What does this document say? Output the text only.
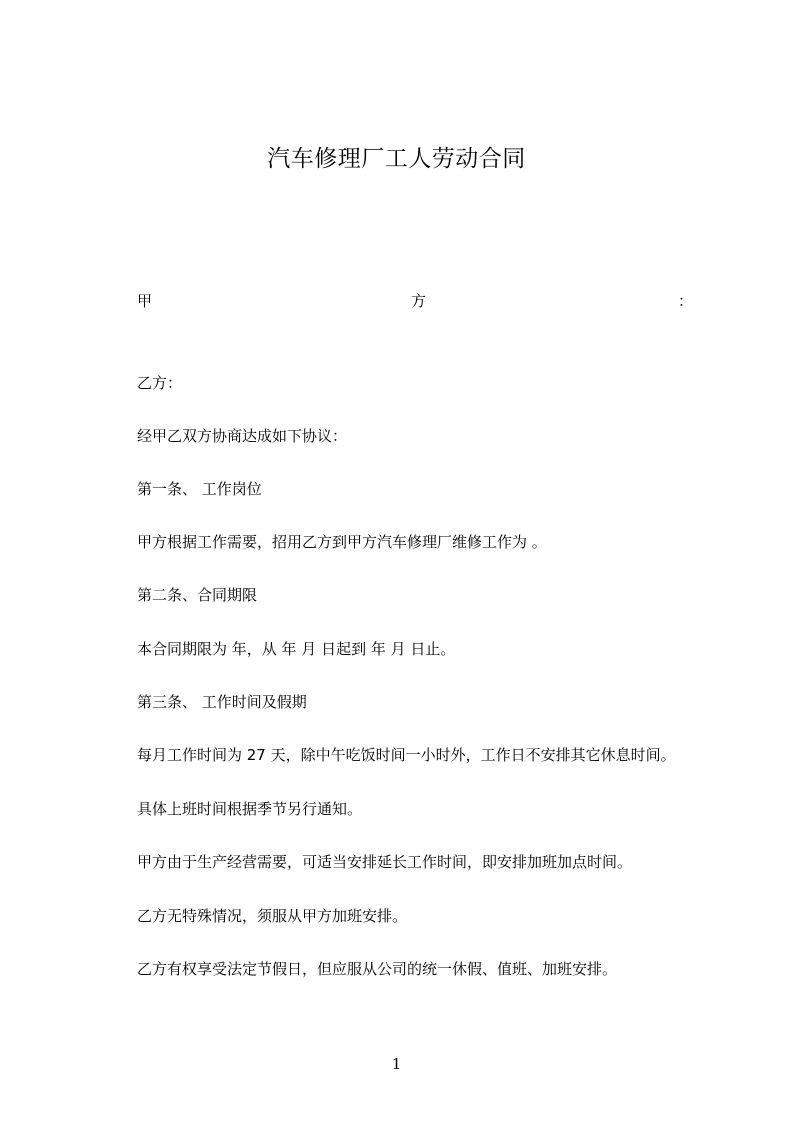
汽车修理厂工人劳动合同
甲	方	：
乙方：
经甲乙双方协商达成如下协议：
第一条、 工作岗位
甲方根据工作需要，招用乙方到甲方汽车修理厂维修工作为 。
第二条、合同期限
本合同期限为 年，从 年 月 日起到 年 月 日止。
第三条、 工作时间及假期
每月工作时间为 27 天，除中午吃饭时间一小时外，工作日不安排其它休息时间。
具体上班时间根据季节另行通知。
甲方由于生产经营需要，可适当安排延长工作时间，即安排加班加点时间。
乙方无特殊情况，须服从甲方加班安排。
乙方有权享受法定节假日，但应服从公司的统一休假、值班、加班安排。
1
